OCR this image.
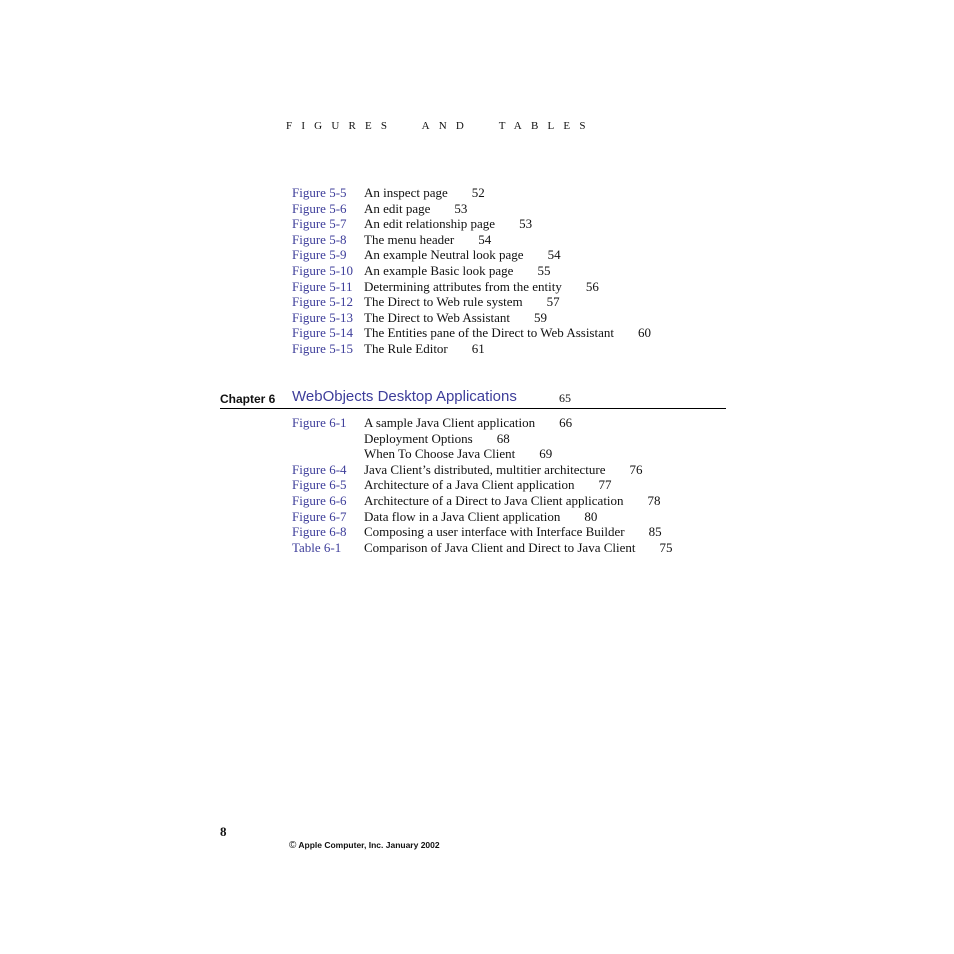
FIGURES AND TABLES
Figure 5-5 An inspect page 52
Figure 5-6 An edit page 53
Figure 5-7 An edit relationship page 53
Figure 5-8 The menu header 54
Figure 5-9 An example Neutral look page 54
Figure 5-10 An example Basic look page 55
Figure 5-11 Determining attributes from the entity 56
Figure 5-12 The Direct to Web rule system 57
Figure 5-13 The Direct to Web Assistant 59
Figure 5-14 The Entities pane of the Direct to Web Assistant 60
Figure 5-15 The Rule Editor 61
Chapter 6 WebObjects Desktop Applications	65
Figure 6-1 A sample Java Client application 66
Deployment Options 68
When To Choose Java Client 69
Figure 6-4 Java Client’s distributed, multitier architecture 76
Figure 6-5 Architecture of a Java Client application 77
Figure 6-6 Architecture of a Direct to Java Client application 78
Figure 6-7 Data flow in a Java Client application 80
Figure 6-8 Composing a user interface with Interface Builder 85
Table 6-1 Comparison of Java Client and Direct to Java Client 75
8
© Apple Computer, Inc. January 2002
